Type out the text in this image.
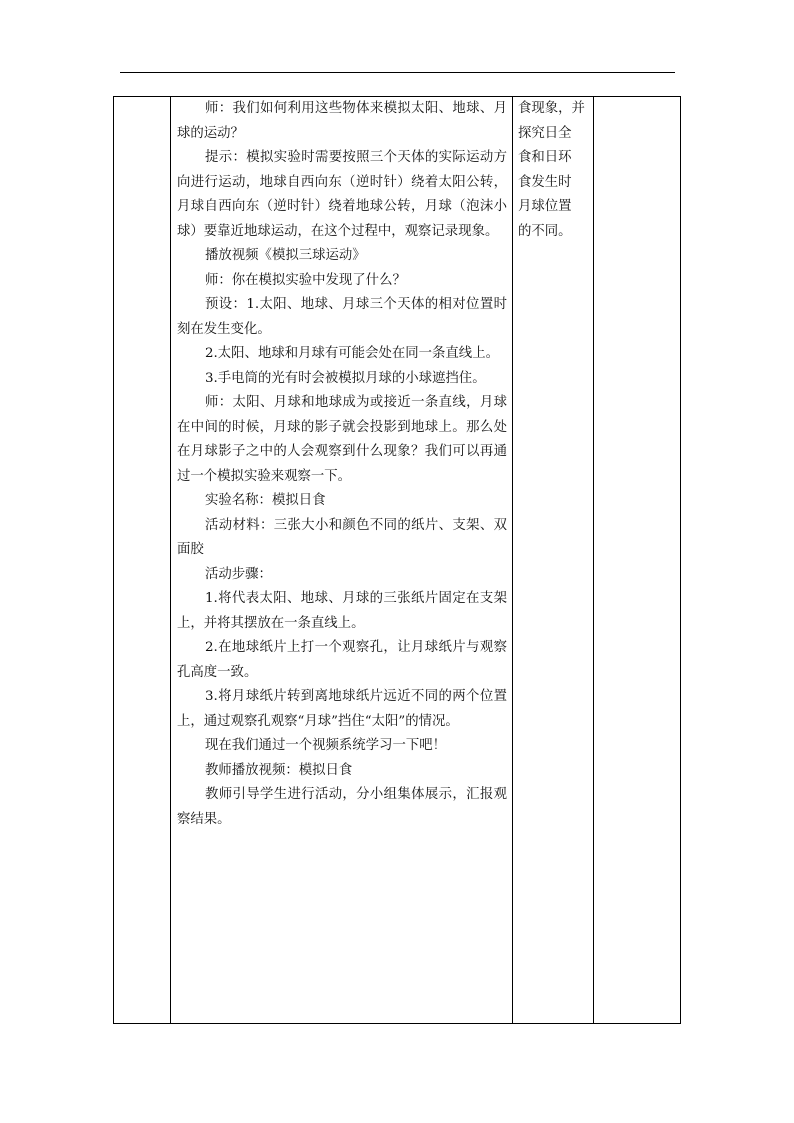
师：我们如何利用这些物体来模拟太阳、地球、月球的运动？

提示：模拟实验时需要按照三个天体的实际运动方向进行运动，地球自西向东（逆时针）绕着太阳公转，月球自西向东（逆时针）绕着地球公转，月球（泡沫小球）要靠近地球运动，在这个过程中，观察记录现象。

播放视频《模拟三球运动》

师：你在模拟实验中发现了什么？

预设：1.太阳、地球、月球三个天体的相对位置时刻在发生变化。

2.太阳、地球和月球有可能会处在同一条直线上。

3.手电筒的光有时会被模拟月球的小球遮挡住。

师：太阳、月球和地球成为或接近一条直线，月球在中间的时候，月球的影子就会投影到地球上。那么处在月球影子之中的人会观察到什么现象？我们可以再通过一个模拟实验来观察一下。

实验名称：模拟日食

活动材料：三张大小和颜色不同的纸片、支架、双面胶

活动步骤：

1.将代表太阳、地球、月球的三张纸片固定在支架上，并将其摆放在一条直线上。

2.在地球纸片上打一个观察孔，让月球纸片与观察孔高度一致。

3.将月球纸片转到离地球纸片远近不同的两个位置上，通过观察孔观察“月球”挡住“太阳”的情况。

现在我们通过一个视频系统学习一下吧！

教师播放视频：模拟日食

教师引导学生进行活动，分小组集体展示，汇报观察结果。

食现象，并
探究日全
食和日环
食发生时
月球位置
的不同。
